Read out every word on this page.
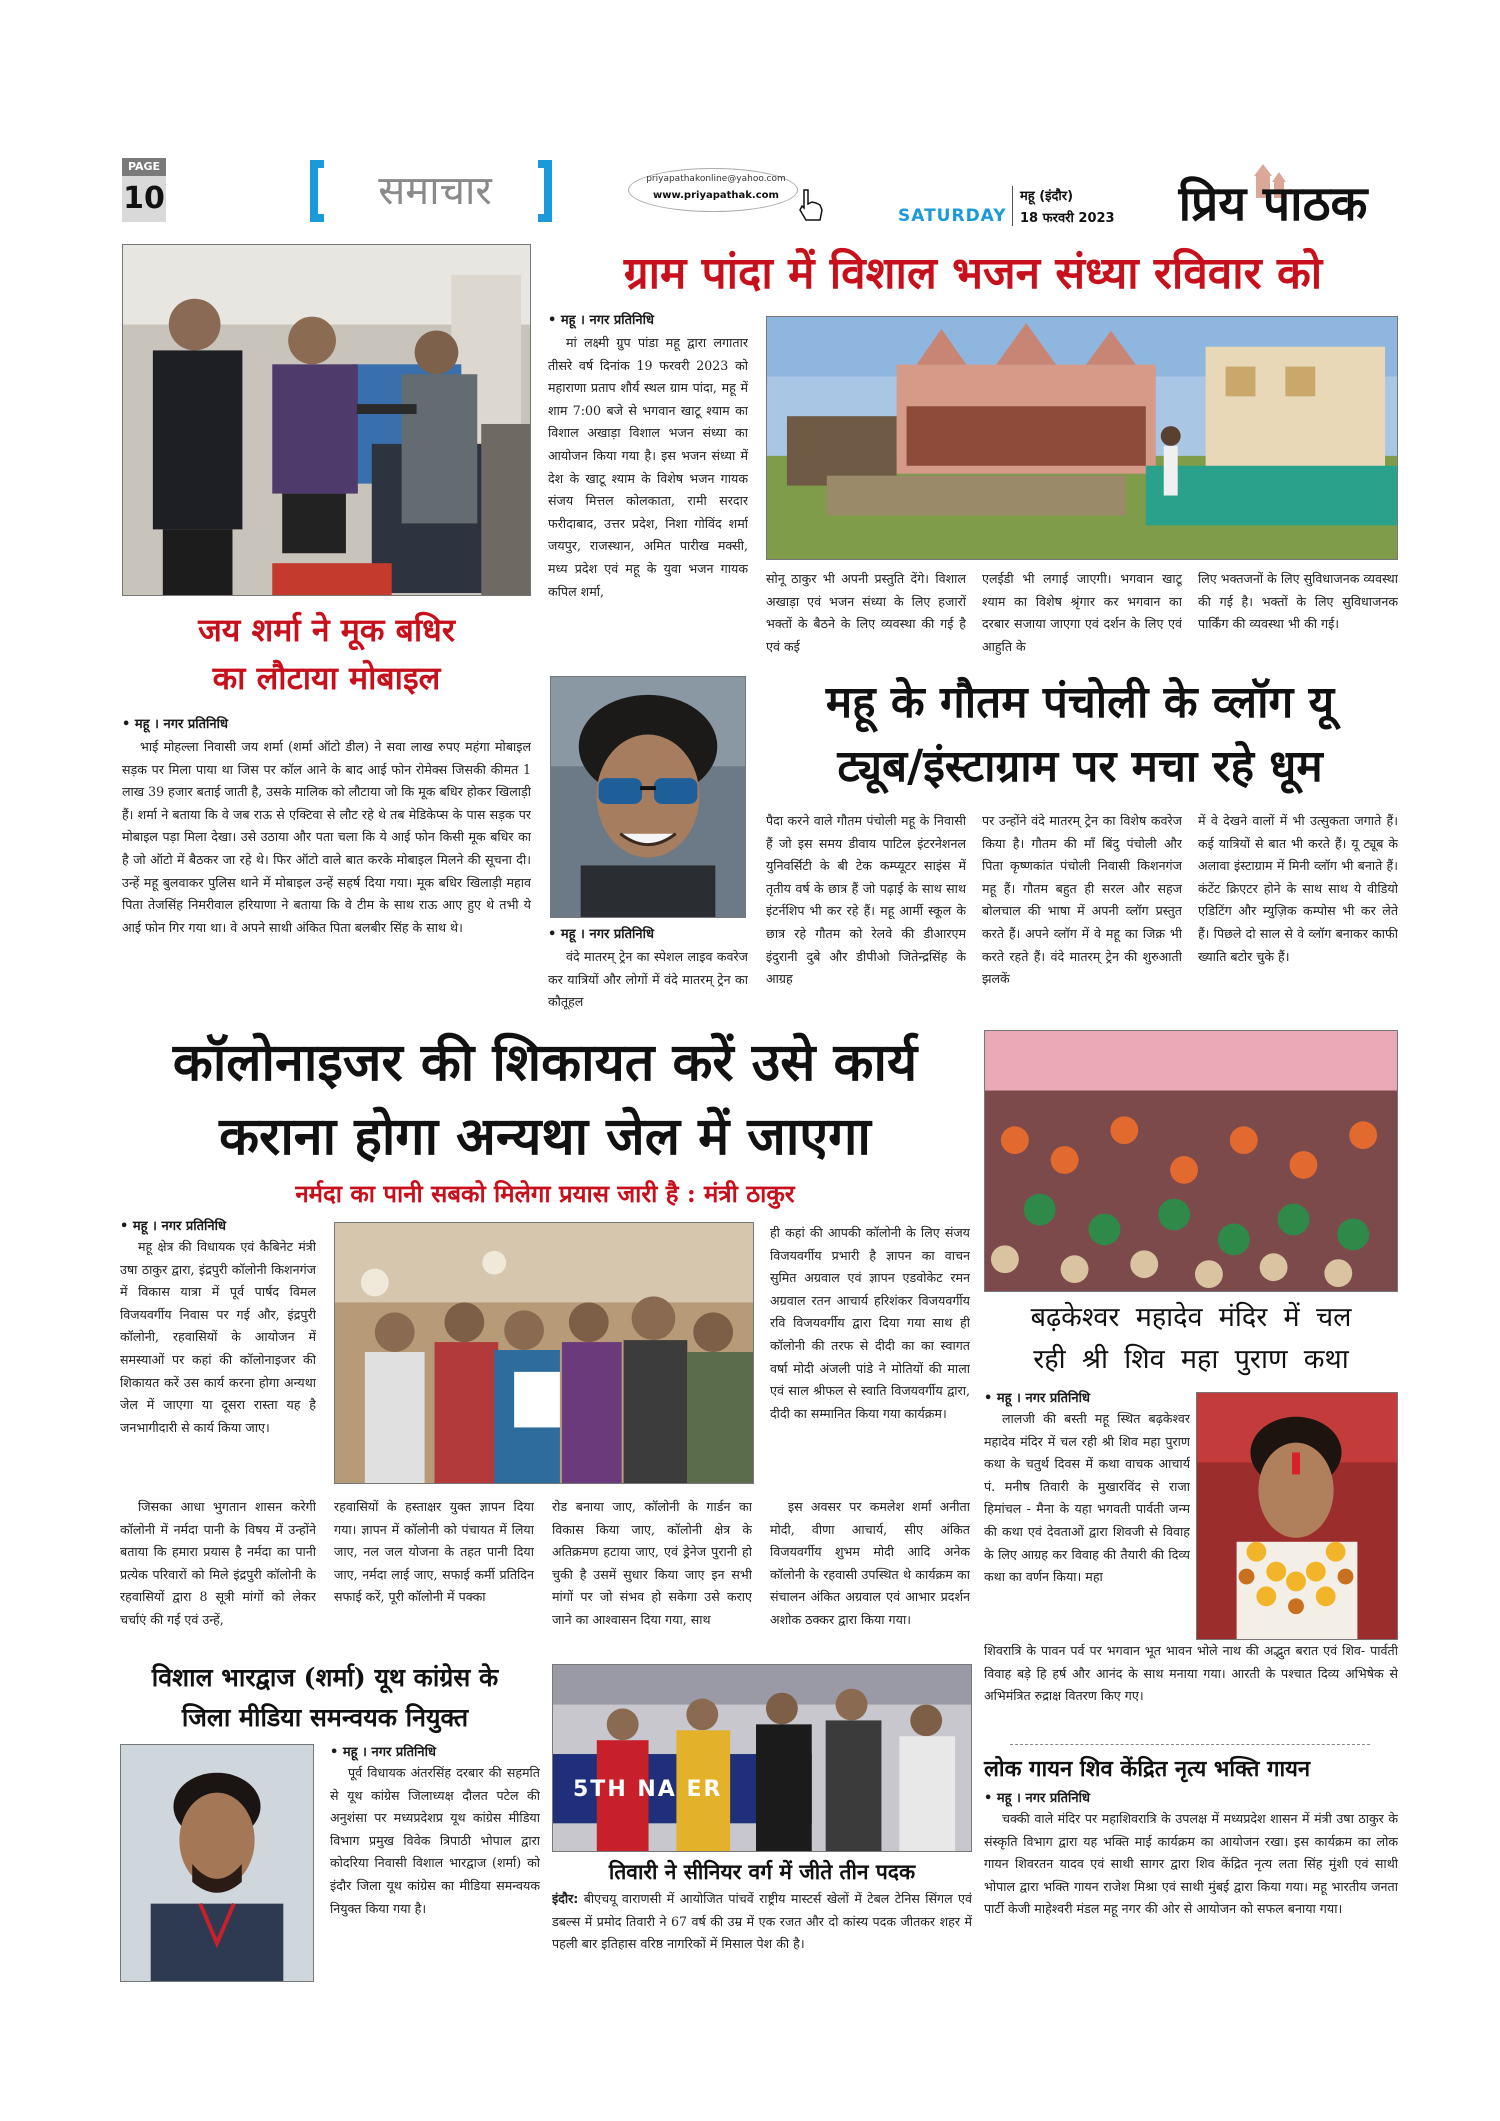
PAGE
10	समाचार	priyapathakonline@yahoo.com
www.priyapathak.com
SATURDAY
महू (इंदौर)
18 फरवरी 2023	प्रिय पाठक
जय शर्मा ने मूक बधिर
का लौटाया मोबाइल
• महू । नगर प्रतिनिधि

भाई मोहल्ला निवासी जय शर्मा (शर्मा ऑटो डील) ने सवा लाख रुपए महंगा मोबाइल सड़क पर मिला पाया था जिस पर कॉल आने के बाद आई फोन रोमेक्स जिसकी कीमत 1 लाख 39 हजार बताई जाती है, उसके मालिक को लौटाया जो कि मूक बधिर होकर खिलाड़ी हैं। शर्मा ने बताया कि वे जब राऊ से एक्टिवा से लौट रहे थे तब मेडिकेप्स के पास सड़क पर मोबाइल पड़ा मिला देखा। उसे उठाया और पता चला कि ये आई फोन किसी मूक बधिर का है जो ऑटो में बैठकर जा रहे थे। फिर ऑटो वाले बात करके मोबाइल मिलने की सूचना दी। उन्हें महू बुलवाकर पुलिस थाने में मोबाइल उन्हें सहर्ष दिया गया। मूक बधिर खिलाड़ी महाव पिता तेजसिंह निमरीवाल हरियाणा ने बताया कि वे टीम के साथ राऊ आए हुए थे तभी ये आई फोन गिर गया था। वे अपने साथी अंकित पिता बलबीर सिंह के साथ थे।

ग्राम पांदा में विशाल भजन संध्या रविवार को
• महू । नगर प्रतिनिधि

मां लक्ष्मी ग्रुप पांडा महू द्वारा लगातार तीसरे वर्ष दिनांक 19 फरवरी 2023 को महाराणा प्रताप शौर्य स्थल ग्राम पांदा, महू में शाम 7:00 बजे से भगवान खाटू श्याम का विशाल अखाड़ा विशाल भजन संध्या का आयोजन किया गया है। इस भजन संध्या में देश के खाटू श्याम के विशेष भजन गायक संजय मित्तल कोलकाता, रामी सरदार फरीदाबाद, उत्तर प्रदेश, निशा गोविंद शर्मा जयपुर, राजस्थान, अमित पारीख मक्सी, मध्य प्रदेश एवं महू के युवा भजन गायक कपिल शर्मा,

सोनू ठाकुर भी अपनी प्रस्तुति देंगे। विशाल अखाड़ा एवं भजन संध्या के लिए हजारों भक्तों के बैठने के लिए व्यवस्था की गई है एवं कई

एलईडी भी लगाई जाएगी। भगवान खाटू श्याम का विशेष श्रृंगार कर भगवान का दरबार सजाया जाएगा एवं दर्शन के लिए एवं आहुति के

लिए भक्तजनों के लिए सुविधाजनक व्यवस्था की गई है। भक्तों के लिए सुविधाजनक पार्किंग की व्यवस्था भी की गई।

महू के गौतम पंचोली के व्लॉग यू
ट्यूब/इंस्टाग्राम पर मचा रहे धूम
• महू । नगर प्रतिनिधि

वंदे मातरम् ट्रेन का स्पेशल लाइव कवरेज कर यात्रियों और लोगों में वंदे मातरम् ट्रेन का कौतूहल

पैदा करने वाले गौतम पंचोली महू के निवासी हैं जो इस समय डीवाय पाटिल इंटरनेशनल युनिवर्सिटी के बी टेक कम्प्यूटर साइंस में तृतीय वर्ष के छात्र हैं जो पढ़ाई के साथ साथ इंटर्नशिप भी कर रहे हैं। महू आर्मी स्कूल के छात्र रहे गौतम को रेलवे की डीआरएम इंदुरानी दुबे और डीपीओ जितेन्द्रसिंह के आग्रह

पर उन्होंने वंदे मातरम् ट्रेन का विशेष कवरेज किया है। गौतम की माँ बिंदु पंचोली और पिता कृष्णकांत पंचोली निवासी किशनगंज महू हैं। गौतम बहुत ही सरल और सहज बोलचाल की भाषा में अपनी व्लॉग प्रस्तुत करते हैं। अपने व्लॉग में वे महू का जिक्र भी करते रहते हैं। वंदे मातरम् ट्रेन की शुरुआती झलकें

में वे देखने वालों में भी उत्सुकता जगाते हैं। कई यात्रियों से बात भी करते हैं। यू ट्यूब के अलावा इंस्टाग्राम में मिनी व्लॉग भी बनाते हैं। कंटेंट क्रिएटर होने के साथ साथ ये वीडियो एडिटिंग और म्युज़िक कम्पोस भी कर लेते हैं। पिछले दो साल से वे व्लॉग बनाकर काफी ख्याति बटोर चुके हैं।

कॉलोनाइजर की शिकायत करें उसे कार्य
कराना होगा अन्यथा जेल में जाएगा
नर्मदा का पानी सबको मिलेगा प्रयास जारी है : मंत्री ठाकुर
• महू । नगर प्रतिनिधि

महू क्षेत्र की विधायक एवं कैबिनेट मंत्री उषा ठाकुर द्वारा, इंद्रपुरी कॉलोनी किशनगंज में विकास यात्रा में पूर्व पार्षद विमल विजयवर्गीय निवास पर गई और, इंद्रपुरी कॉलोनी, रहवासियों के आयोजन में समस्याओं पर कहां की कॉलोनाइजर की शिकायत करें उस कार्य करना होगा अन्यथा जेल में जाएगा या दूसरा रास्ता यह है जनभागीदारी से कार्य किया जाए।

जिसका आधा भुगतान शासन करेगी कॉलोनी में नर्मदा पानी के विषय में उन्होंने बताया कि हमारा प्रयास है नर्मदा का पानी प्रत्येक परिवारों को मिले इंद्रपुरी कॉलोनी के रहवासियों द्वारा 8 सूत्री मांगों को लेकर चर्चाएं की गई एवं उन्हें,

रहवासियों के हस्ताक्षर युक्त ज्ञापन दिया गया। ज्ञापन में कॉलोनी को पंचायत में लिया जाए, नल जल योजना के तहत पानी दिया जाए, नर्मदा लाई जाए, सफाई कर्मी प्रतिदिन सफाई करें, पूरी कॉलोनी में पक्का

रोड बनाया जाए, कॉलोनी के गार्डन का विकास किया जाए, कॉलोनी क्षेत्र के अतिक्रमण हटाया जाए, एवं ड्रेनेज पुरानी हो चुकी है उसमें सुधार किया जाए इन सभी मांगों पर जो संभव हो सकेगा उसे कराए जाने का आश्वासन दिया गया, साथ

ही कहां की आपकी कॉलोनी के लिए संजय विजयवर्गीय प्रभारी है ज्ञापन का वाचन सुमित अग्रवाल एवं ज्ञापन एडवोकेट रमन अग्रवाल रतन आचार्य हरिशंकर विजयवर्गीय रवि विजयवर्गीय द्वारा दिया गया साथ ही कॉलोनी की तरफ से दीदी का का स्वागत वर्षा मोदी अंजली पांडे ने मोतियों की माला एवं साल श्रीफल से स्वाति विजयवर्गीय द्वारा, दीदी का सम्मानित किया गया कार्यक्रम।

इस अवसर पर कमलेश शर्मा अनीता मोदी, वीणा आचार्य, सीए अंकित विजयवर्गीय शुभम मोदी आदि अनेक कॉलोनी के रहवासी उपस्थित थे कार्यक्रम का संचालन अंकित अग्रवाल एवं आभार प्रदर्शन अशोक ठक्कर द्वारा किया गया।

बढ़केश्वर महादेव मंदिर में चल
रही श्री शिव महा पुराण कथा
• महू । नगर प्रतिनिधि

लालजी की बस्ती महू स्थित बढ़केश्वर महादेव मंदिर में चल रही श्री शिव महा पुराण कथा के चतुर्थ दिवस में कथा वाचक आचार्य पं. मनीष तिवारी के मुखारविंद से राजा हिमांचल - मैना के यहा भगवती पार्वती जन्म की कथा एवं देवताओं द्वारा शिवजी से विवाह के लिए आग्रह कर विवाह की तैयारी की दिव्य कथा का वर्णन किया। महा

शिवरात्रि के पावन पर्व पर भगवान भूत भावन भोले नाथ की अद्भुत बरात एवं शिव- पार्वती विवाह बड़े हि हर्ष और आनंद के साथ मनाया गया। आरती के पश्चात दिव्य अभिषेक से अभिमंत्रित रुद्राक्ष वितरण किए गए।

लोक गायन शिव केंद्रित नृत्य भक्ति गायन
• महू । नगर प्रतिनिधि

चक्की वाले मंदिर पर महाशिवरात्रि के उपलक्ष में मध्यप्रदेश शासन में मंत्री उषा ठाकुर के संस्कृति विभाग द्वारा यह भक्ति माई कार्यक्रम का आयोजन रखा। इस कार्यक्रम का लोक गायन शिवरतन यादव एवं साथी सागर द्वारा शिव केंद्रित नृत्य लता सिंह मुंशी एवं साथी भोपाल द्वारा भक्ति गायन राजेश मिश्रा एवं साथी मुंबई द्वारा किया गया। महू भारतीय जनता पार्टी केजी माहेश्वरी मंडल महू नगर की ओर से आयोजन को सफल बनाया गया।

विशाल भारद्वाज (शर्मा) यूथ कांग्रेस के
जिला मीडिया समन्वयक नियुक्त
• महू । नगर प्रतिनिधि

पूर्व विधायक अंतरसिंह दरबार की सहमति से यूथ कांग्रेस जिलाध्यक्ष दौलत पटेल की अनुशंसा पर मध्यप्रदेशप्र यूथ कांग्रेस मीडिया विभाग प्रमुख विवेक त्रिपाठी भोपाल द्वारा कोदरिया निवासी विशाल भारद्वाज (शर्मा) को इंदौर जिला यूथ कांग्रेस का मीडिया समन्वयक नियुक्त किया गया है।

5TH NA ER
तिवारी ने सीनियर वर्ग में जीते तीन पदक

इंदौर: बीएचयू वाराणसी में आयोजित पांचवें राष्ट्रीय मास्टर्स खेलों में टेबल टेनिस सिंगल एवं डबल्स में प्रमोद तिवारी ने 67 वर्ष की उम्र में एक रजत और दो कांस्य पदक जीतकर शहर में पहली बार इतिहास वरिष्ठ नागरिकों में मिसाल पेश की है।
